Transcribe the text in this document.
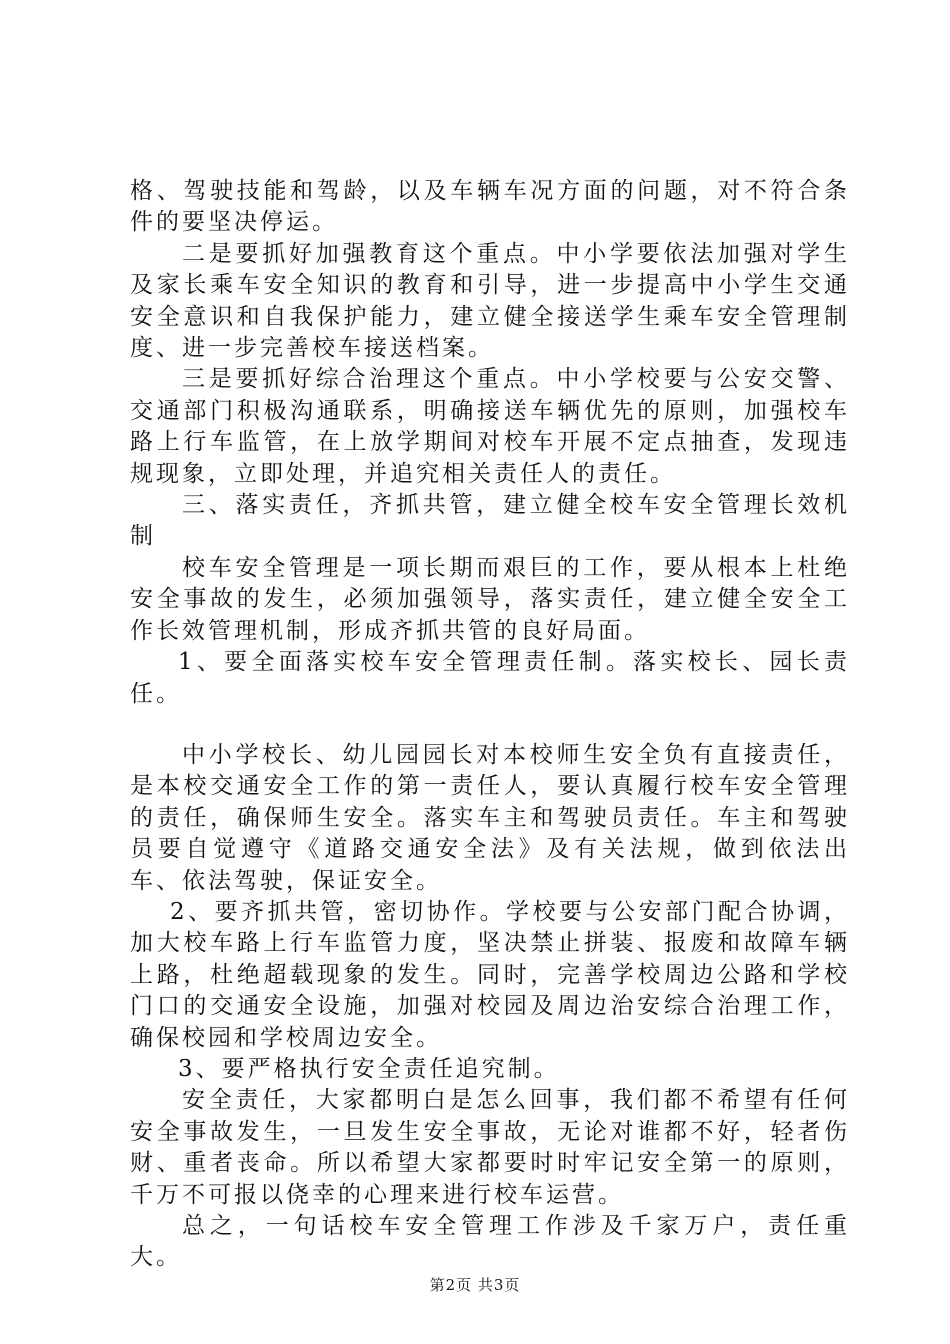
格、驾驶技能和驾龄，以及车辆车况方面的问题，对不符合条件的要坚决停运。

二是要抓好加强教育这个重点。中小学要依法加强对学生及家长乘车安全知识的教育和引导，进一步提高中小学生交通安全意识和自我保护能力，建立健全接送学生乘车安全管理制度、进一步完善校车接送档案。

三是要抓好综合治理这个重点。中小学校要与公安交警、交通部门积极沟通联系，明确接送车辆优先的原则，加强校车路上行车监管，在上放学期间对校车开展不定点抽查，发现违规现象，立即处理，并追究相关责任人的责任。

三、落实责任，齐抓共管，建立健全校车安全管理长效机制

校车安全管理是一项长期而艰巨的工作，要从根本上杜绝安全事故的发生，必须加强领导，落实责任，建立健全安全工作长效管理机制，形成齐抓共管的良好局面。

1、要全面落实校车安全管理责任制。落实校长、园长责任。

中小学校长、幼儿园园长对本校师生安全负有直接责任，是本校交通安全工作的第一责任人，要认真履行校车安全管理的责任，确保师生安全。落实车主和驾驶员责任。车主和驾驶员要自觉遵守《道路交通安全法》及有关法规，做到依法出车、依法驾驶，保证安全。

2、要齐抓共管，密切协作。学校要与公安部门配合协调，加大校车路上行车监管力度，坚决禁止拼装、报废和故障车辆上路，杜绝超载现象的发生。同时，完善学校周边公路和学校门口的交通安全设施，加强对校园及周边治安综合治理工作，确保校园和学校周边安全。

3、要严格执行安全责任追究制。

安全责任，大家都明白是怎么回事，我们都不希望有任何安全事故发生，一旦发生安全事故，无论对谁都不好，轻者伤财、重者丧命。所以希望大家都要时时牢记安全第一的原则，千万不可报以侥幸的心理来进行校车运营。

总之，一句话校车安全管理工作涉及千家万户，责任重大。

第2页 共3页
